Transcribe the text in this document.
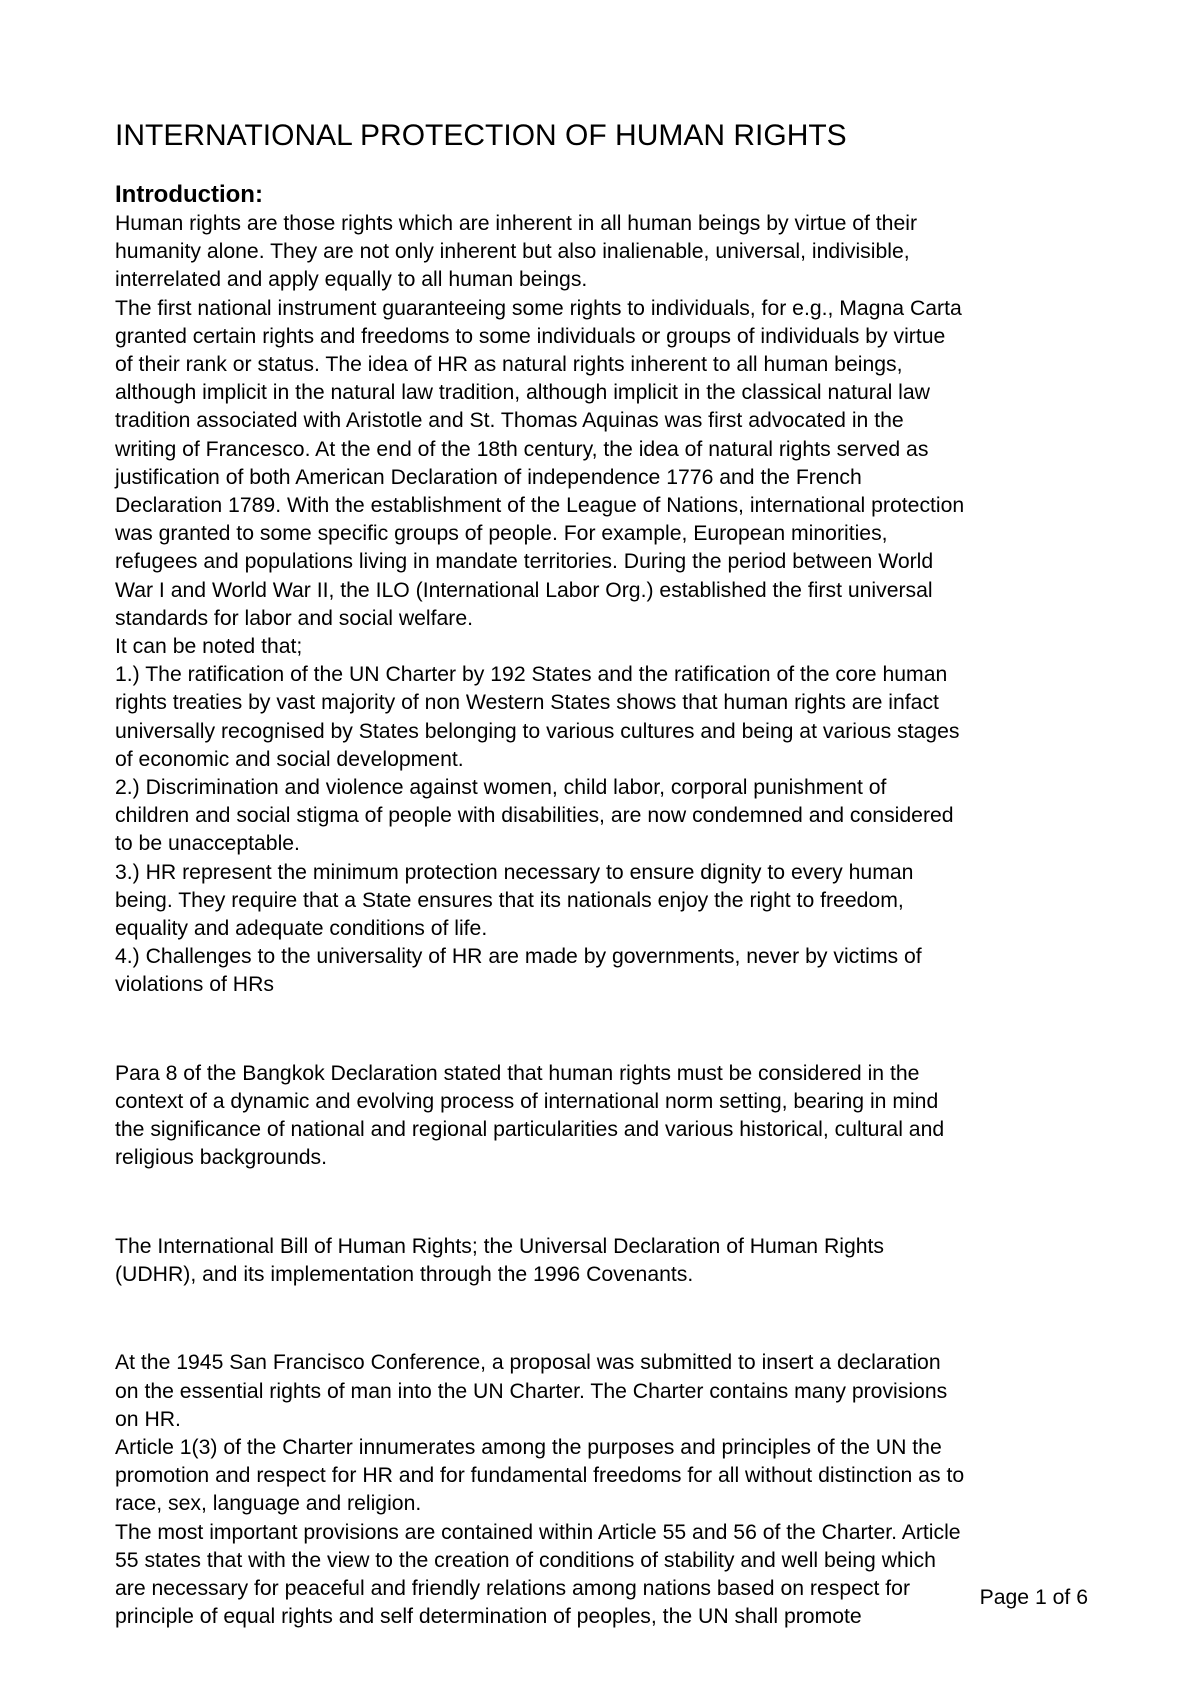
INTERNATIONAL PROTECTION OF HUMAN RIGHTS
Introduction:

Human rights are those rights which are inherent in all human beings by virtue of their

humanity alone. They are not only inherent but also inalienable, universal, indivisible,

interrelated and apply equally to all human beings.

The first national instrument guaranteeing some rights to individuals, for e.g., Magna Carta

granted certain rights and freedoms to some individuals or groups of individuals by virtue

of their rank or status. The idea of HR as natural rights inherent to all human beings,

although implicit in the natural law tradition, although implicit in the classical natural law

tradition associated with Aristotle and St. Thomas Aquinas was first advocated in the

writing of Francesco. At the end of the 18th century, the idea of natural rights served as

justification of both American Declaration of independence 1776 and the French

Declaration 1789. With the establishment of the League of Nations, international protection

was granted to some specific groups of people. For example, European minorities,

refugees and populations living in mandate territories. During the period between World

War I and World War II, the ILO (International Labor Org.) established the first universal

standards for labor and social welfare.

It can be noted that;

1.) The ratification of the UN Charter by 192 States and the ratification of the core human

rights treaties by vast majority of non Western States shows that human rights are infact

universally recognised by States belonging to various cultures and being at various stages

of economic and social development.

2.) Discrimination and violence against women, child labor, corporal punishment of

children and social stigma of people with disabilities, are now condemned and considered

to be unacceptable.

3.) HR represent the minimum protection necessary to ensure dignity to every human

being. They require that a State ensures that its nationals enjoy the right to freedom,

equality and adequate conditions of life.

4.) Challenges to the universality of HR are made by governments, never by victims of

violations of HRs

Para 8 of the Bangkok Declaration stated that human rights must be considered in the

context of a dynamic and evolving process of international norm setting, bearing in mind

the significance of national and regional particularities and various historical, cultural and

religious backgrounds.

The International Bill of Human Rights; the Universal Declaration of Human Rights

(UDHR), and its implementation through the 1996 Covenants.

At the 1945 San Francisco Conference, a proposal was submitted to insert a declaration

on the essential rights of man into the UN Charter. The Charter contains many provisions

on HR.

Article 1(3) of the Charter innumerates among the purposes and principles of the UN the

promotion and respect for HR and for fundamental freedoms for all without distinction as to

race, sex, language and religion.

The most important provisions are contained within Article 55 and 56 of the Charter. Article

55 states that with the view to the creation of conditions of stability and well being which

are necessary for peaceful and friendly relations among nations based on respect for

principle of equal rights and self determination of peoples, the UN shall promote

Page 1 of 6
